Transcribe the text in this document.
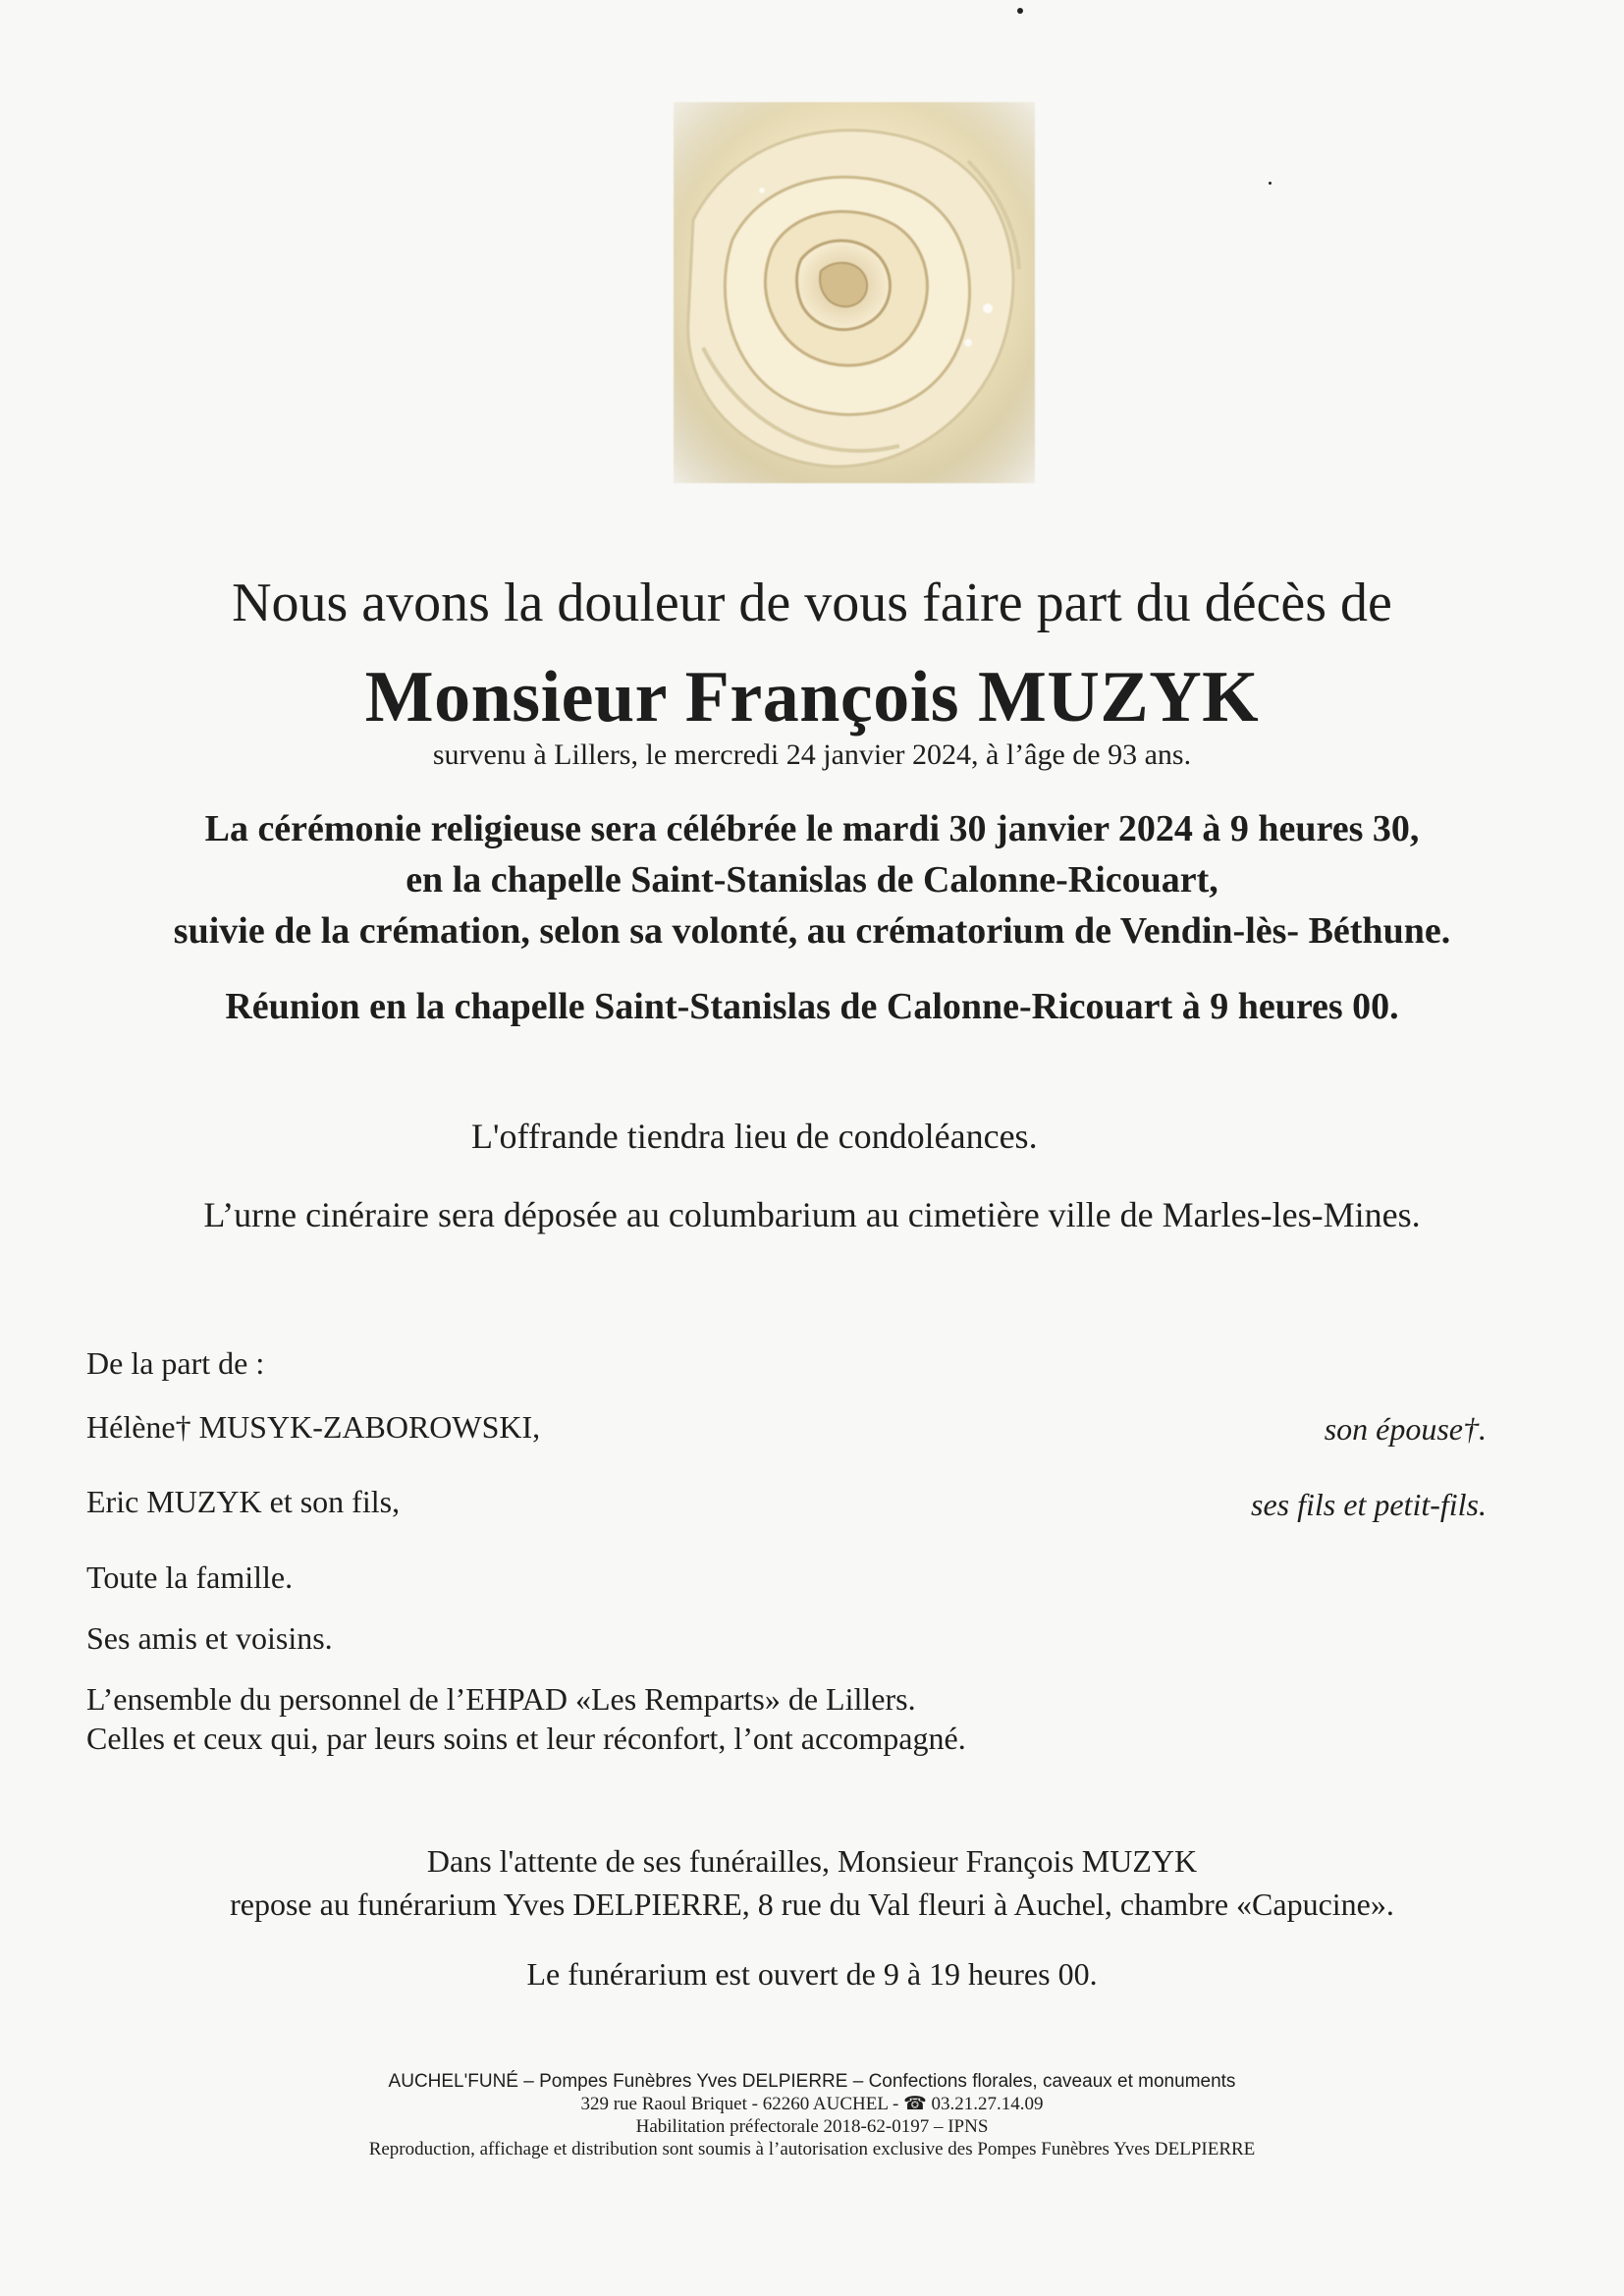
Nous avons la douleur de vous faire part du décès de
Monsieur François MUZYK
survenu à Lillers, le mercredi 24 janvier 2024, à l’âge de 93 ans.
La cérémonie religieuse sera célébrée le mardi 30 janvier 2024 à 9 heures 30,
en la chapelle Saint-Stanislas de Calonne-Ricouart,
suivie de la crémation, selon sa volonté, au crématorium de Vendin-lès- Béthune.
Réunion en la chapelle Saint-Stanislas de Calonne-Ricouart à 9 heures 00.
L'offrande tiendra lieu de condoléances.
L’urne cinéraire sera déposée au columbarium au cimetière ville de Marles-les-Mines.
De la part de :
Hélène† MUSYK-ZABOROWSKI,	son épouse†.
Eric MUZYK et son fils,	ses fils et petit-fils.
Toute la famille.
Ses amis et voisins.
L’ensemble du personnel de l’EHPAD «Les Remparts» de Lillers.
Celles et ceux qui, par leurs soins et leur réconfort, l’ont accompagné.
Dans l'attente de ses funérailles, Monsieur François MUZYK
repose au funérarium Yves DELPIERRE, 8 rue du Val fleuri à Auchel, chambre «Capucine».
Le funérarium est ouvert de 9 à 19 heures 00.
AUCHEL'FUNÉ – Pompes Funèbres Yves DELPIERRE – Confections florales, caveaux et monuments
329 rue Raoul Briquet - 62260 AUCHEL - ☎ 03.21.27.14.09
Habilitation préfectorale 2018-62-0197 – IPNS
Reproduction, affichage et distribution sont soumis à l’autorisation exclusive des Pompes Funèbres Yves DELPIERRE
